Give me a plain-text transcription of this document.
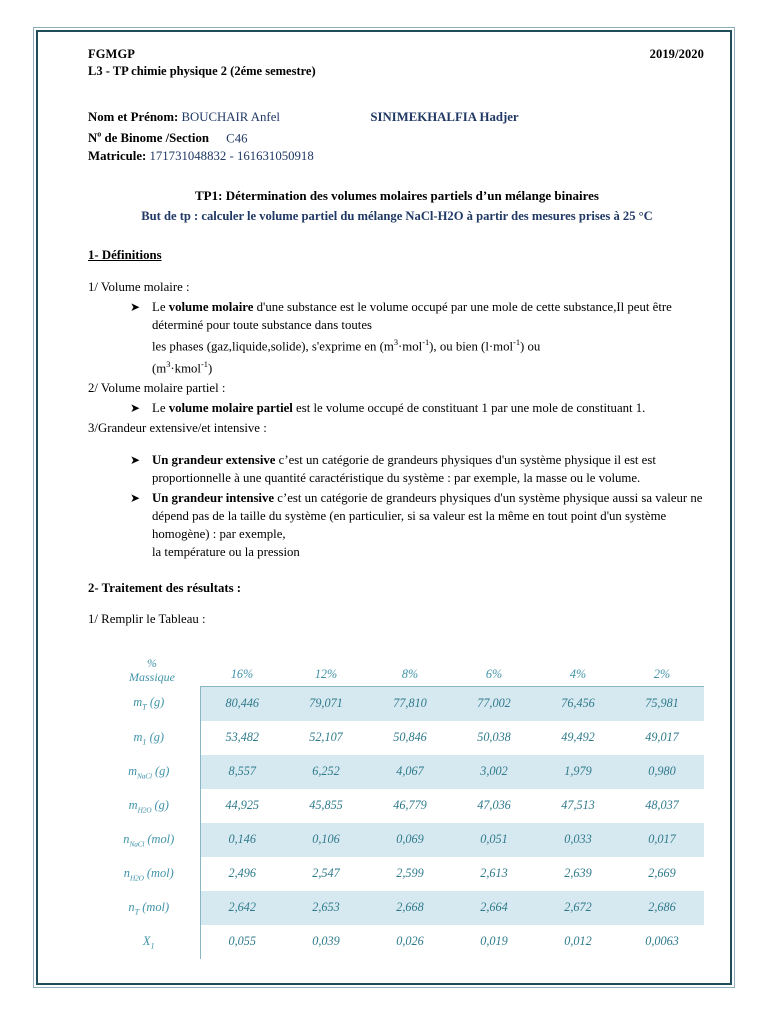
FGMGP	2019/2020
L3 - TP chimie physique 2 (2éme semestre)
Nom et Prénom: BOUCHAIR Anfel	SINIMEKHALFIA Hadjer
$N^o$ de Binome /Section C46
Matricule: 171731048832 - 161631050918
TP1: Détermination des volumes molaires partiels d’un mélange binaires
But de tp : calculer le volume partiel du mélange NaCl-H2O à partir des mesures prises à 25 °C
1- Définitions
1/ Volume molaire :
➤ Le volume molaire d'une substance est le volume occupé par une mole de cette substance,Il peut être déterminé pour toute substance dans toutes
les phases (gaz,liquide,solide), s'exprime en $(m^3\cdot mol^{-1})$, ou bien (l·mol$^{-1}$) ou
$(m^3\cdot kmol^{-1})$
2/ Volume molaire partiel :
➤ Le volume molaire partiel est le volume occupé de constituant 1 par une mole de constituant 1.
3/Grandeur extensive/et intensive :
➤ Un grandeur extensive c’est un catégorie de grandeurs physiques d'un système physique il est est proportionnelle à une quantité caractéristique du système : par exemple, la masse ou le volume.
➤ Un grandeur intensive c’est un catégorie de grandeurs physiques d'un système physique aussi sa valeur ne dépend pas de la taille du système (en particulier, si sa valeur est la même en tout point d'un système homogène) : par exemple,
la température ou la pression
2- Traitement des résultats :
1/ Remplir le Tableau :
%
Massique	16%	12%	8%	6%	4%	2%
$m_T$ (g)	80,446	79,071	77,810	77,002	76,456	75,981
$m_1$ (g)	53,482	52,107	50,846	50,038	49,492	49,017
$m_{NaCl}$ (g)	8,557	6,252	4,067	3,002	1,979	0,980
$m_{H2O}$ (g)	44,925	45,855	46,779	47,036	47,513	48,037
$n_{NaCl}$ (mol)	0,146	0,106	0,069	0,051	0,033	0,017
$n_{H2O}$ (mol)	2,496	2,547	2,599	2,613	2,639	2,669
$n_T$ (mol)	2,642	2,653	2,668	2,664	2,672	2,686
$X_1$	0,055	0,039	0,026	0,019	0,012	0,0063
